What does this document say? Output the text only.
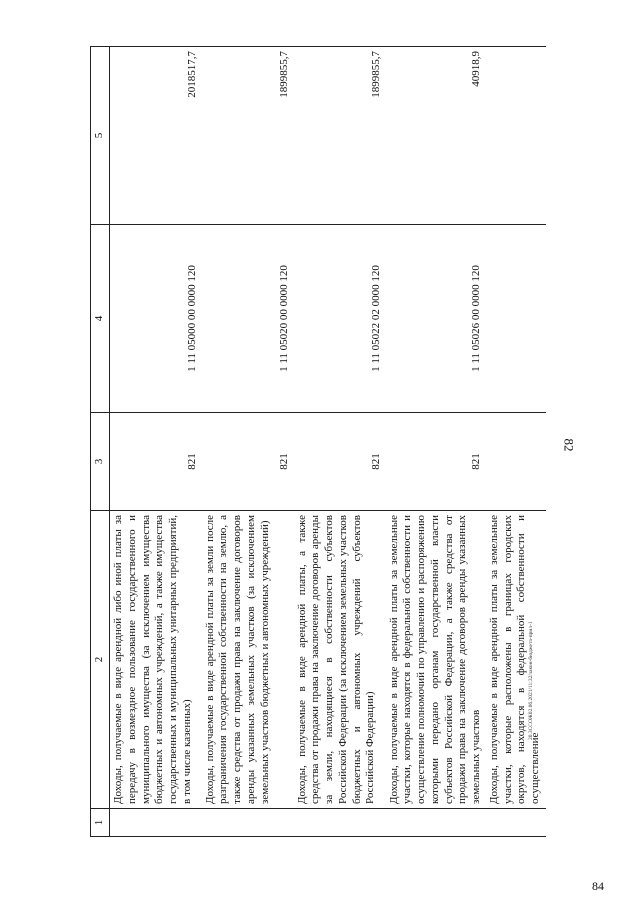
82
20.3ССОЖ02.06.2021/11:32/закон-бюджета-прил-1
1	2	3	4	5
	Доходы, получаемые в виде арендной либо иной платы за передачу в возмездное пользование государственного и муниципального имущества (за исключением имущества бюджетных и автономных учреждений, а также имущества государственных и муниципальных унитарных предприятий, в том числе казенных)	821	1 11 05000 00 0000 120	2018517,7
	Доходы, получаемые в виде арендной платы за земли после разграничения государственной собственности на землю, а также средства от продажи права на заключение договоров аренды указанных земельных участков (за исключением земельных участков бюджетных и автономных учреждений)	821	1 11 05020 00 0000 120	1899855,7
	Доходы, получаемые в виде арендной платы, а также средства от продажи права на заключение договоров аренды за земли, находящиеся в собственности субъектов Российской Федерации (за исключением земельных участков бюджетных и автономных учреждений субъектов Российской Федерации)	821	1 11 05022 02 0000 120	1899855,7
	Доходы, получаемые в виде арендной платы за земельные участки, которые находятся в федеральной собственности и осуществление полномочий по управлению и распоряжению которыми передано органам государственной власти субъектов Российской Федерации, а также средства от продажи права на заключение договоров аренды указанных земельных участков	821	1 11 05026 00 0000 120	40918,9
	Доходы, получаемые в виде арендной платы за земельные участки, которые расположены в границах городских округов, находятся в федеральной собственности и осуществление			
84
